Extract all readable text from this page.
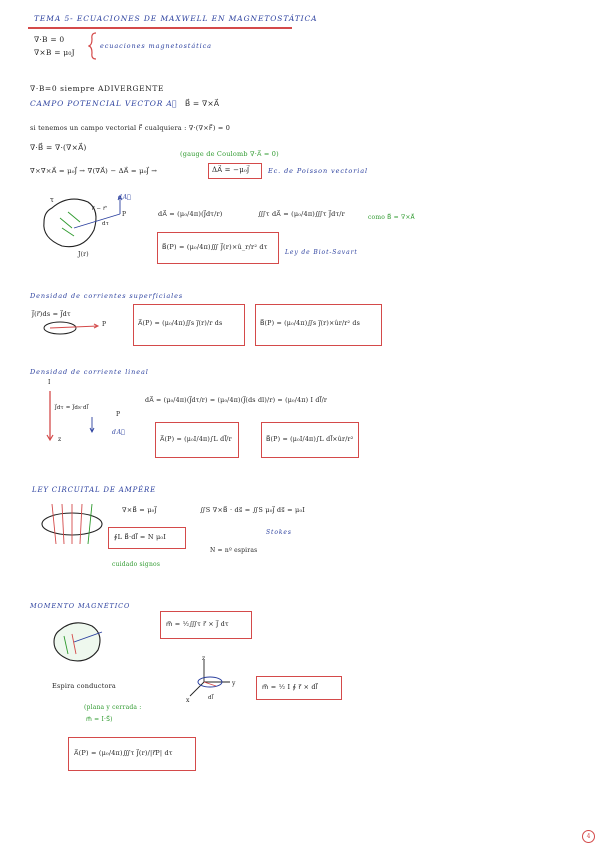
TEMA 5- ECUACIONES DE MAXWELL EN MAGNETOSTÁTICA
∇·B = 0
∇×B = μ₀J
ecuaciones magnetostática
∇·B=0 siempre ADIVERGENTE
CAMPO POTENCIAL VECTOR A⃗ B⃗ = ∇×A⃗
si tenemos un campo vectorial F⃗ cualquiera : ∇·(∇×F⃗) = 0
∇·B⃗ = ∇·(∇×A⃗)
(gauge de Coulomb ∇·A⃗ = 0)
∇×∇×A⃗ = μ₀J⃗ → ∇(∇A⃗) − ΔA⃗ = μ₀J⃗ →	ΔA⃗ = −μ₀J⃗	Ec. de Poisson vectorial
τ
r⃗ − r⃗'
P
dA⃗
dτ
J(r)
dA⃗ = (μ₀/4π)(J⃗dτ/r)	∭τ dA⃗ = (μ₀/4π)∭τ J⃗dτ/r	como B⃗ = ∇×A⃗
B⃗(P) = (μ₀/4π)∭ J⃗(r)×û_r/r² dτ
Ley de Biot-Savart
Densidad de corrientes superficiales
J⃗(r⃗)ds = J⃗dτ
P	A⃗(P) = (μ₀/4π)∬s j⃗(r)/r ds	B⃗(P) = (μ₀/4π)∬s j⃗(r)×ûr/r² ds
Densidad de corriente lineal
I
J⃗dτ = J⃗ds·dl⃗
P
dA⃗
z
dA⃗ = (μ₀/4π)(J⃗dτ/r) = (μ₀/4π)(J⃗(ds dl)/r) = (μ₀/4π) I dl⃗/r
A⃗(P) = (μ₀I/4π)∫L dl⃗/r	B⃗(P) = (μ₀I/4π)∫L dl⃗×ûr/r²
LEY CIRCUITAL DE AMPÈRE
∇×B⃗ = μ₀J⃗	∬S ∇×B⃗ · ds⃗ = ∬S μ₀J⃗ ds⃗ = μ₀I
Stokes
∮L B⃗·dl⃗ = N μ₀I
N = nº espiras
cuidado signos
MOMENTO MAGNÉTICO
m⃗ = ½∭τ r⃗ × J⃗ dτ
z
y
x	dl⃗
Espira conductora	m⃗ = ½ I ∮ r⃗ × dl⃗
(plana y cerrada :
m⃗ = I·S⃗)
A⃗(P) = (μ₀/4π)∭τ J⃗(r)/|r⃗P| dτ
4
